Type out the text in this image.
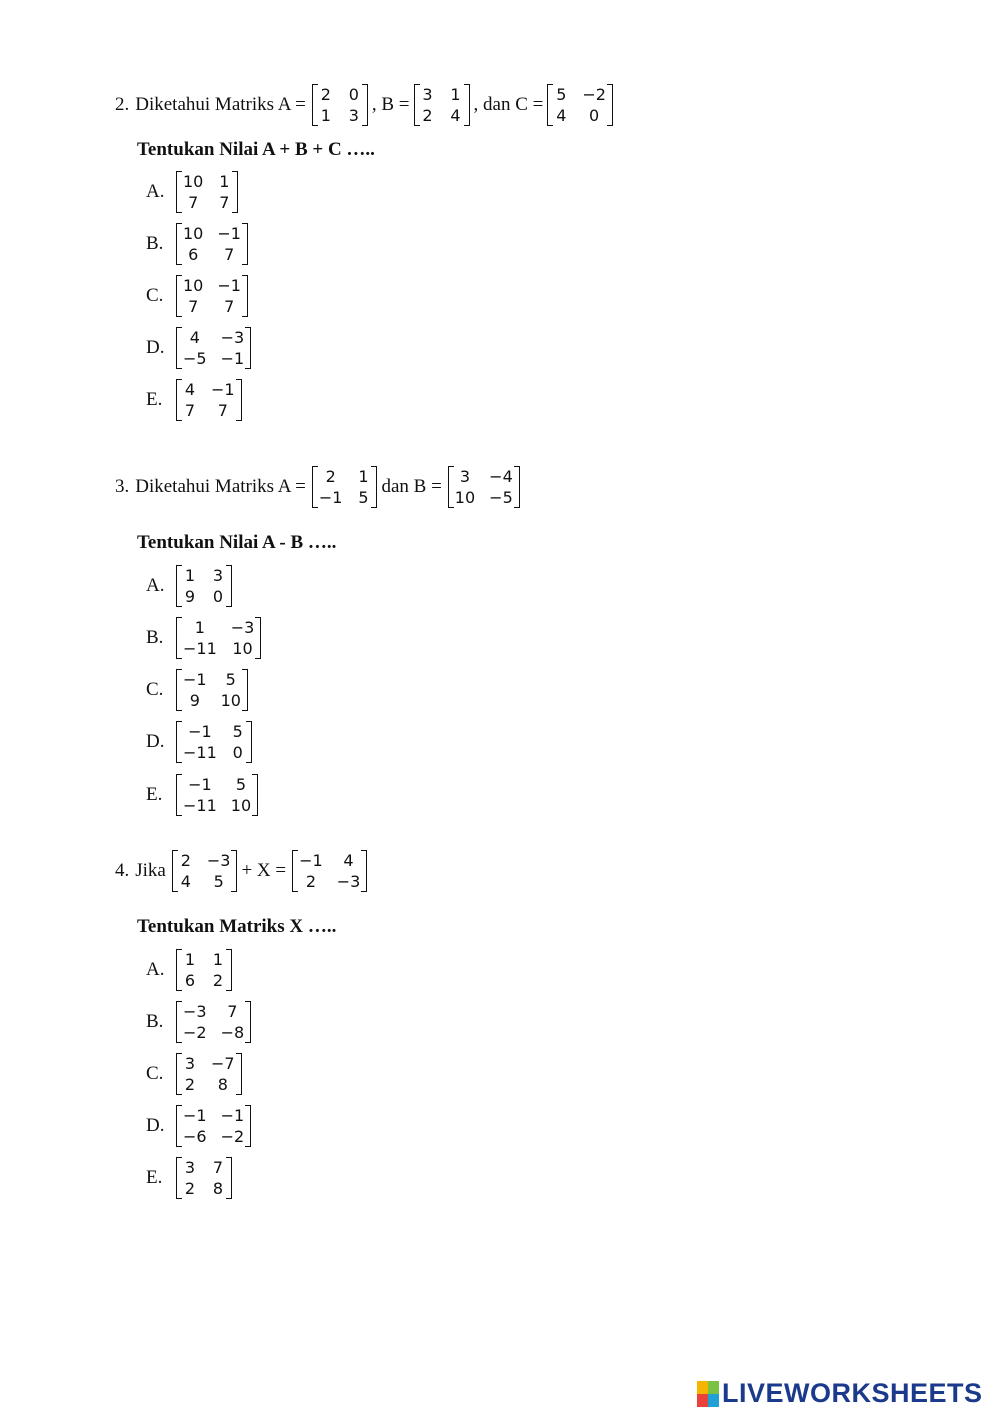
2. Diketahui Matriks A = 2 0
1 3
, B = 3 1
2 4
, dan C = 5 −2
4	0
Tentukan Nilai A + B + C …..
A.	10 1
7	7
B.	10 −1
6	7
C.	10 −1
7	7
D.	4	−3
−5 −1
E.	4 −1
7	7
3. Diketahui Matriks A =	2	1
−1 5
dan B =	3	−4
10 −5
Tentukan Nilai A - B …..
A.	1 3
9 0
B.	1	−3
−11 10
C.	−1	5
9	10
D.	−1	5
−11 0
E.	−1	5
−11 10
4. Jika 2 −3
4	5
+ X = −1	4
2	−3
Tentukan Matriks X …..
A.	1 1
6 2
B.	−3	7
−2 −8
C.	3 −7
2	8
D.	−1 −1
−6 −2
E.	3 7
2 8
LIVEWORKSHEETS
